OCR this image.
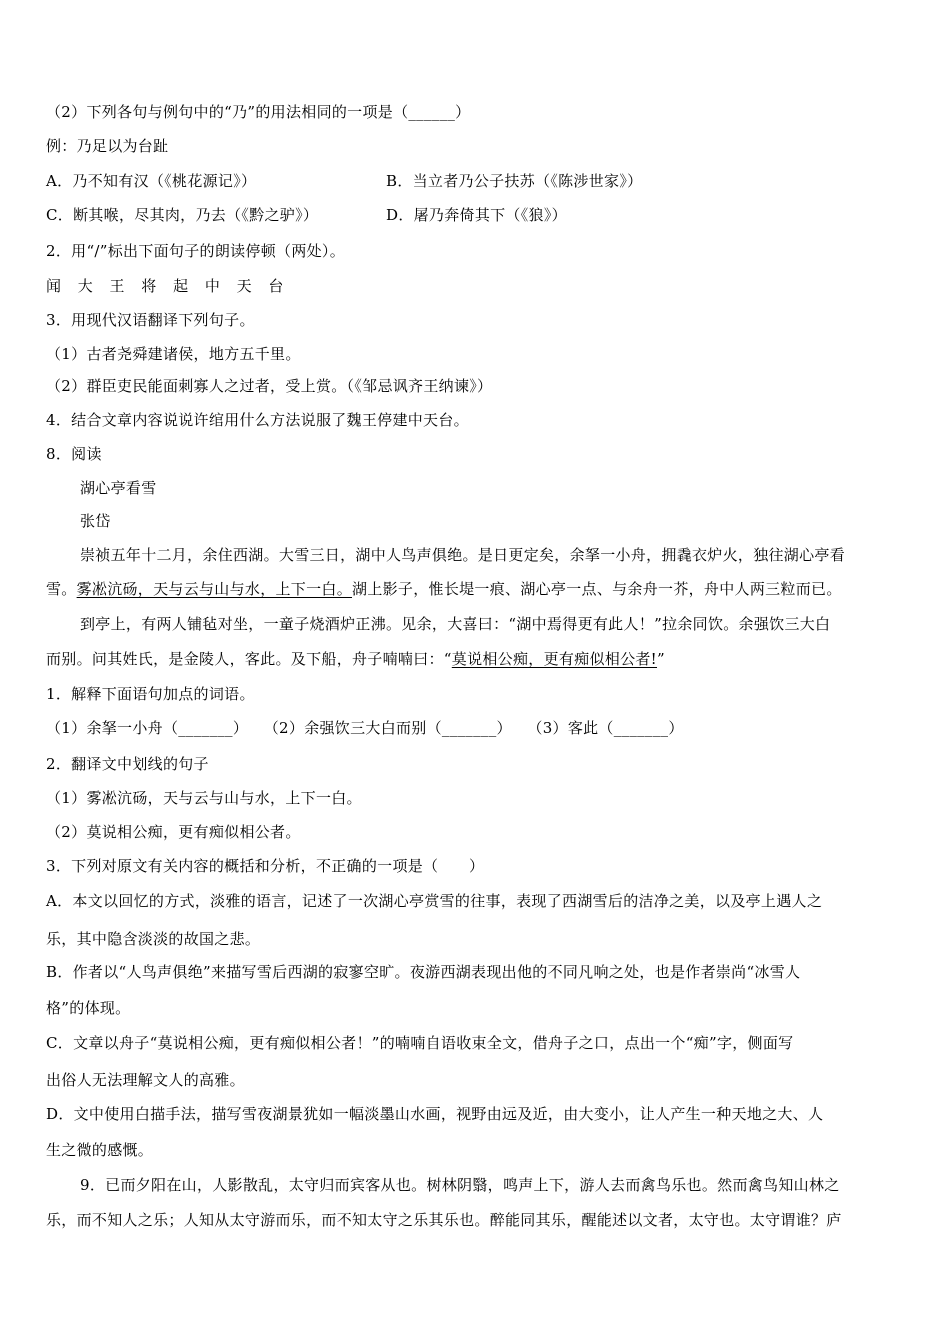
（2）下列各句与例句中的“乃”的用法相同的一项是（______）
例：乃足以为台趾
A．乃不知有汉（《桃花源记》）	B．当立者乃公子扶苏（《陈涉世家》）
C．断其喉，尽其肉，乃去（《黔之驴》）	D．屠乃奔倚其下（《狼》）
2．用“/”标出下面句子的朗读停顿（两处）。
闻 大 王 将 起 中 天 台
3．用现代汉语翻译下列句子。
（1）古者尧舜建诸侯，地方五千里。
（2）群臣吏民能面刺寡人之过者，受上赏。（《邹忌讽齐王纳谏》）
4．结合文章内容说说许绾用什么方法说服了魏王停建中天台。
8．阅读
湖心亭看雪
张岱
崇祯五年十二月，余住西湖。大雪三日，湖中人鸟声俱绝。是日更定矣，余拏一小舟，拥毳衣炉火，独往湖心亭看
雪。雾凇沆砀，天与云与山与水，上下一白。湖上影子，惟长堤一痕、湖心亭一点、与余舟一芥，舟中人两三粒而已。
到亭上，有两人铺毡对坐，一童子烧酒炉正沸。见余，大喜曰：“湖中焉得更有此人！”拉余同饮。余强饮三大白
而别。问其姓氏，是金陵人，客此。及下船，舟子喃喃曰：“莫说相公痴，更有痴似相公者!”
1．解释下面语句加点的词语。
（1）余拏一小舟（_______）　　（2）余强饮三大白而别（_______）　　（3）客此（_______）
2．翻译文中划线的句子
（1）雾凇沆砀，天与云与山与水，上下一白。
（2）莫说相公痴，更有痴似相公者。
3．下列对原文有关内容的概括和分析，不正确的一项是（　　）
A．本文以回忆的方式，淡雅的语言，记述了一次湖心亭赏雪的往事，表现了西湖雪后的洁净之美，以及亭上遇人之
乐，其中隐含淡淡的故国之悲。
B．作者以“人鸟声俱绝”来描写雪后西湖的寂寥空旷。夜游西湖表现出他的不同凡响之处，也是作者崇尚“冰雪人
格”的体现。
C．文章以舟子“莫说相公痴，更有痴似相公者！”的喃喃自语收束全文，借舟子之口，点出一个“痴”字，侧面写
出俗人无法理解文人的高雅。
D．文中使用白描手法，描写雪夜湖景犹如一幅淡墨山水画，视野由远及近，由大变小，让人产生一种天地之大、人
生之微的感慨。
9．已而夕阳在山，人影散乱，太守归而宾客从也。树林阴翳，鸣声上下，游人去而禽鸟乐也。然而禽鸟知山林之
乐，而不知人之乐；人知从太守游而乐，而不知太守之乐其乐也。醉能同其乐，醒能述以文者，太守也。太守谓谁？庐
